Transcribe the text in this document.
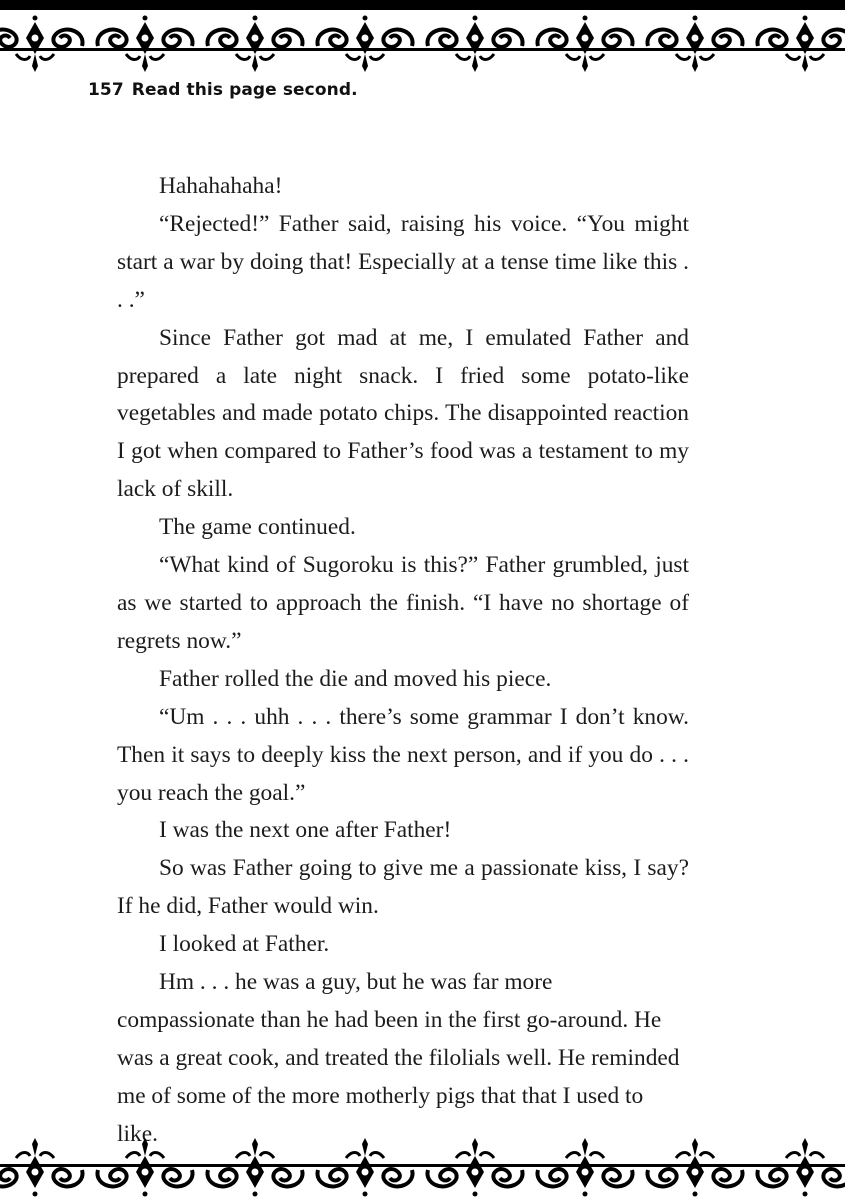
157 Read this page second.

Hahahahaha!

“Rejected!” Father said, raising his voice. “You might start a war by doing that! Especially at a tense time like this . . .”

Since Father got mad at me, I emulated Father and prepared a late night snack. I fried some potato-like vegetables and made potato chips. The disappointed reaction I got when compared to Father’s food was a testament to my lack of skill.

The game continued.

“What kind of Sugoroku is this?” Father grumbled, just as we started to approach the finish. “I have no shortage of regrets now.”

Father rolled the die and moved his piece.

“Um . . . uhh . . . there’s some grammar I don’t know. Then it says to deeply kiss the next person, and if you do . . . you reach the goal.”

I was the next one after Father!

So was Father going to give me a passionate kiss, I say? If he did, Father would win.

I looked at Father.

Hm . . . he was a guy, but he was far more compassionate than he had been in the first go-around. He was a great cook, and treated the filolials well. He reminded me of some of the more motherly pigs that that I used to like.
